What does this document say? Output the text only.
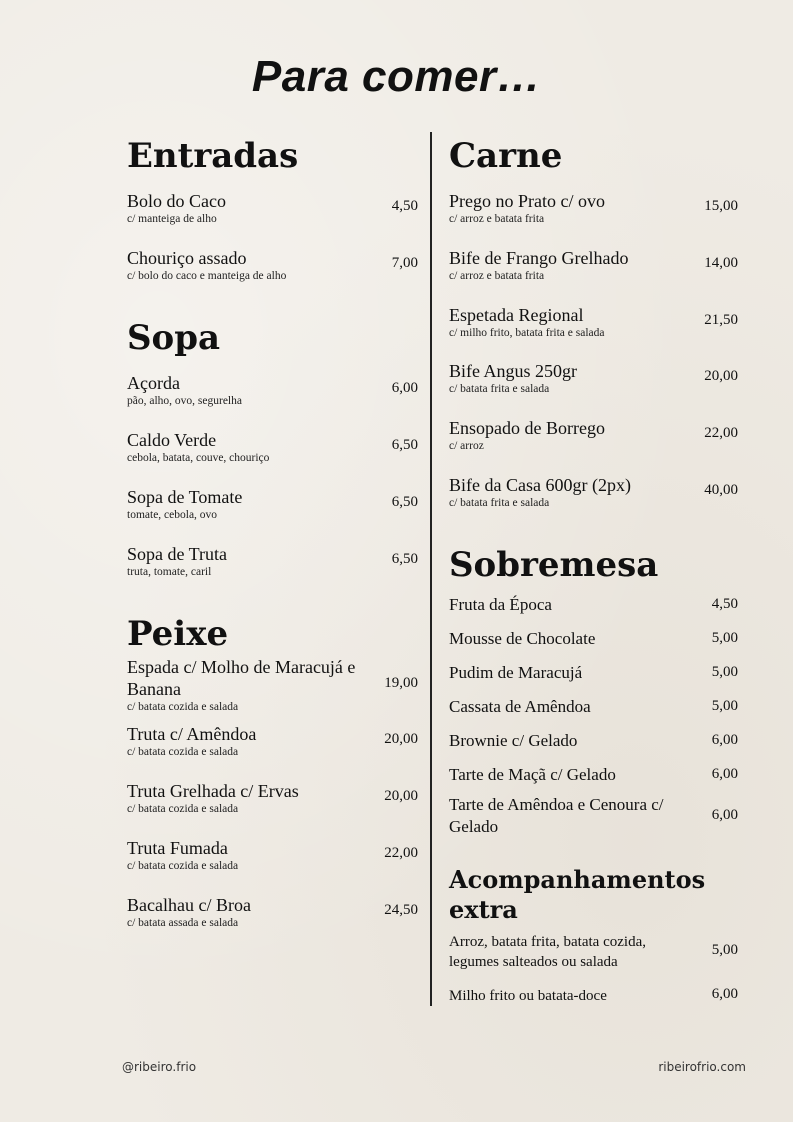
Para comer…
Entradas
Bolo do Caco
c/ manteiga de alho
4,50
Chouriço assado
c/ bolo do caco e manteiga de alho
7,00
Sopa
Açorda
pão, alho, ovo, segurelha
6,00
Caldo Verde
cebola, batata, couve, chouriço
6,50
Sopa de Tomate
tomate, cebola, ovo
6,50
Sopa de Truta
truta, tomate, caril
6,50
Peixe
Espada c/ Molho de Maracujá e Banana
c/ batata cozida e salada
19,00
Truta c/ Amêndoa
c/ batata cozida e salada
20,00
Truta Grelhada c/ Ervas
c/ batata cozida e salada
20,00
Truta Fumada
c/ batata cozida e salada
22,00
Bacalhau c/ Broa
c/ batata assada e salada
24,50
Carne
Prego no Prato c/ ovo
c/ arroz e batata frita
15,00
Bife de Frango Grelhado
c/ arroz e batata frita
14,00
Espetada Regional
c/ milho frito, batata frita e salada
21,50
Bife Angus 250gr
c/ batata frita e salada
20,00
Ensopado de Borrego
c/ arroz
22,00
Bife da Casa 600gr (2px)
c/ batata frita e salada
40,00
Sobremesa
Fruta da Época	4,50
Mousse de Chocolate	5,00
Pudim de Maracujá	5,00
Cassata de Amêndoa	5,00
Brownie c/ Gelado	6,00
Tarte de Maçã c/ Gelado	6,00
Tarte de Amêndoa e Cenoura c/ Gelado
6,00
Acompanhamentos extra
Arroz, batata frita, batata cozida, legumes salteados ou salada
5,00
Milho frito ou batata-doce	6,00
@ribeiro.frio	ribeirofrio.com
